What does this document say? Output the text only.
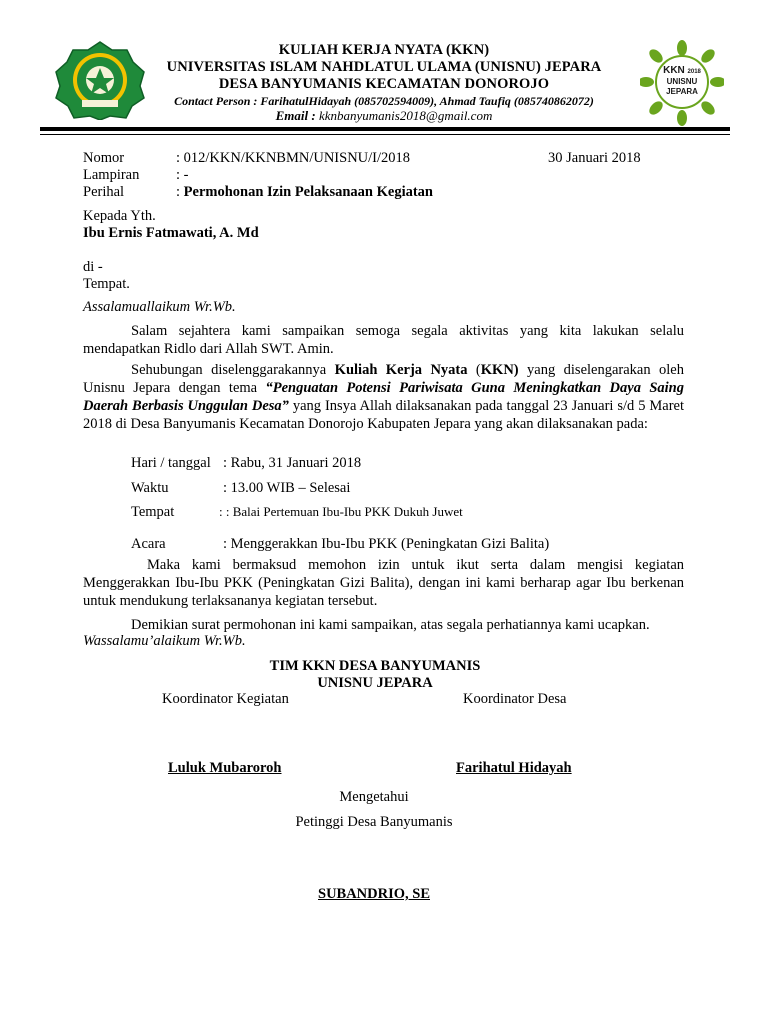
KKN 2018
UNISNU
JEPARA
KULIAH KERJA NYATA (KKN)
UNIVERSITAS ISLAM NAHDLATUL ULAMA (UNISNU) JEPARA
DESA BANYUMANIS KECAMATAN DONOROJO
Contact Person : FarihatulHidayah (085702594009), Ahmad Taufiq (085740862072)
Email : kknbanyumanis2018@gmail.com
Nomor	: 012/KKN/KKNBMN/UNISNU/I/2018	30 Januari 2018
Lampiran	: -
Perihal	: Permohonan Izin Pelaksanaan Kegiatan
Kepada Yth.
Ibu Ernis Fatmawati, A. Md
di -
Tempat.
Assalamuallaikum Wr.Wb.
Salam sejahtera kami sampaikan semoga segala aktivitas yang kita lakukan selalu mendapatkan Ridlo dari Allah SWT. Amin.
Sehubungan diselenggarakannya Kuliah Kerja Nyata (KKN) yang diselengarakan oleh Unisnu Jepara dengan tema “Penguatan Potensi Pariwisata Guna Meningkatkan Daya Saing Daerah Berbasis Unggulan Desa” yang Insya Allah dilaksanakan pada tanggal 23 Januari s/d 5 Maret 2018 di Desa Banyumanis Kecamatan Donorojo Kabupaten Jepara yang akan dilaksanakan pada:
Hari / tanggal : Rabu, 31 Januari 2018
Waktu	: 13.00 WIB – Selesai
Tempat	: : Balai Pertemuan Ibu-Ibu PKK Dukuh Juwet
Acara	: Menggerakkan Ibu-Ibu PKK (Peningkatan Gizi Balita)
Maka kami bermaksud memohon izin untuk ikut serta dalam mengisi kegiatan Menggerakkan Ibu-Ibu PKK (Peningkatan Gizi Balita), dengan ini kami berharap agar Ibu berkenan untuk mendukung terlaksananya kegiatan tersebut.
Demikian surat permohonan ini kami sampaikan, atas segala perhatiannya kami ucapkan.
Wassalamu’alaikum Wr.Wb.
TIM KKN DESA BANYUMANIS
UNISNU JEPARA
Koordinator Kegiatan	Koordinator Desa
Luluk Mubaroroh	Farihatul Hidayah
Mengetahui
Petinggi Desa Banyumanis
SUBANDRIO, SE
